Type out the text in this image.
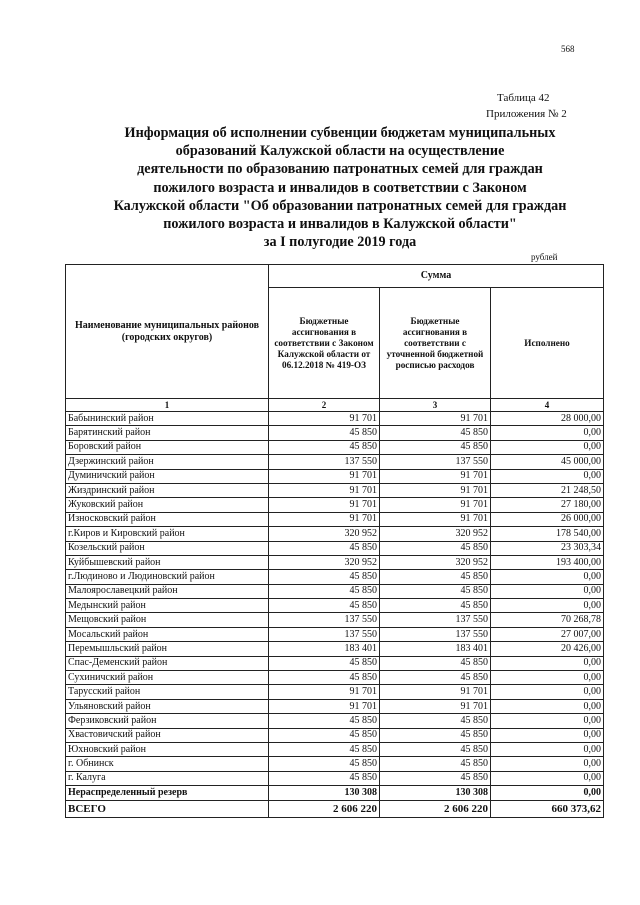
568
Таблица 42
Приложения № 2
Информация об исполнении субвенции бюджетам муниципальных
образований Калужской области на осуществление
деятельности по образованию патронатных семей для граждан
пожилого возраста и инвалидов в соответствии с Законом
Калужской области "Об образовании патронатных семей для граждан
пожилого возраста и инвалидов в Калужской области"
за I полугодие 2019 года
рублей
Наименование муниципальных районов (городских округов)	Сумма		
	Бюджетные ассигнования в соответствии с Законом Калужской области от 06.12.2018 № 419-ОЗ	Бюджетные ассигнования в соответствии с уточненной бюджетной росписью расходов	Исполнено
1	2	3	4
Бабынинский район	91 701	91 701	28 000,00
Барятинский район	45 850	45 850	0,00
Боровский район	45 850	45 850	0,00
Дзержинский район	137 550	137 550	45 000,00
Думиничский район	91 701	91 701	0,00
Жиздринский район	91 701	91 701	21 248,50
Жуковский район	91 701	91 701	27 180,00
Износковский район	91 701	91 701	26 000,00
г.Киров и Кировский район	320 952	320 952	178 540,00
Козельский район	45 850	45 850	23 303,34
Куйбышевский район	320 952	320 952	193 400,00
г.Людиново и Людиновский район	45 850	45 850	0,00
Малоярославецкий район	45 850	45 850	0,00
Медынский район	45 850	45 850	0,00
Мещовский район	137 550	137 550	70 268,78
Мосальский район	137 550	137 550	27 007,00
Перемышльский район	183 401	183 401	20 426,00
Спас-Деменский район	45 850	45 850	0,00
Сухиничский район	45 850	45 850	0,00
Тарусский район	91 701	91 701	0,00
Ульяновский район	91 701	91 701	0,00
Ферзиковский район	45 850	45 850	0,00
Хвастовичский район	45 850	45 850	0,00
Юхновский район	45 850	45 850	0,00
г. Обнинск	45 850	45 850	0,00
г. Калуга	45 850	45 850	0,00
Нераспределенный резерв	130 308	130 308	0,00
ВСЕГО	2 606 220	2 606 220	660 373,62
